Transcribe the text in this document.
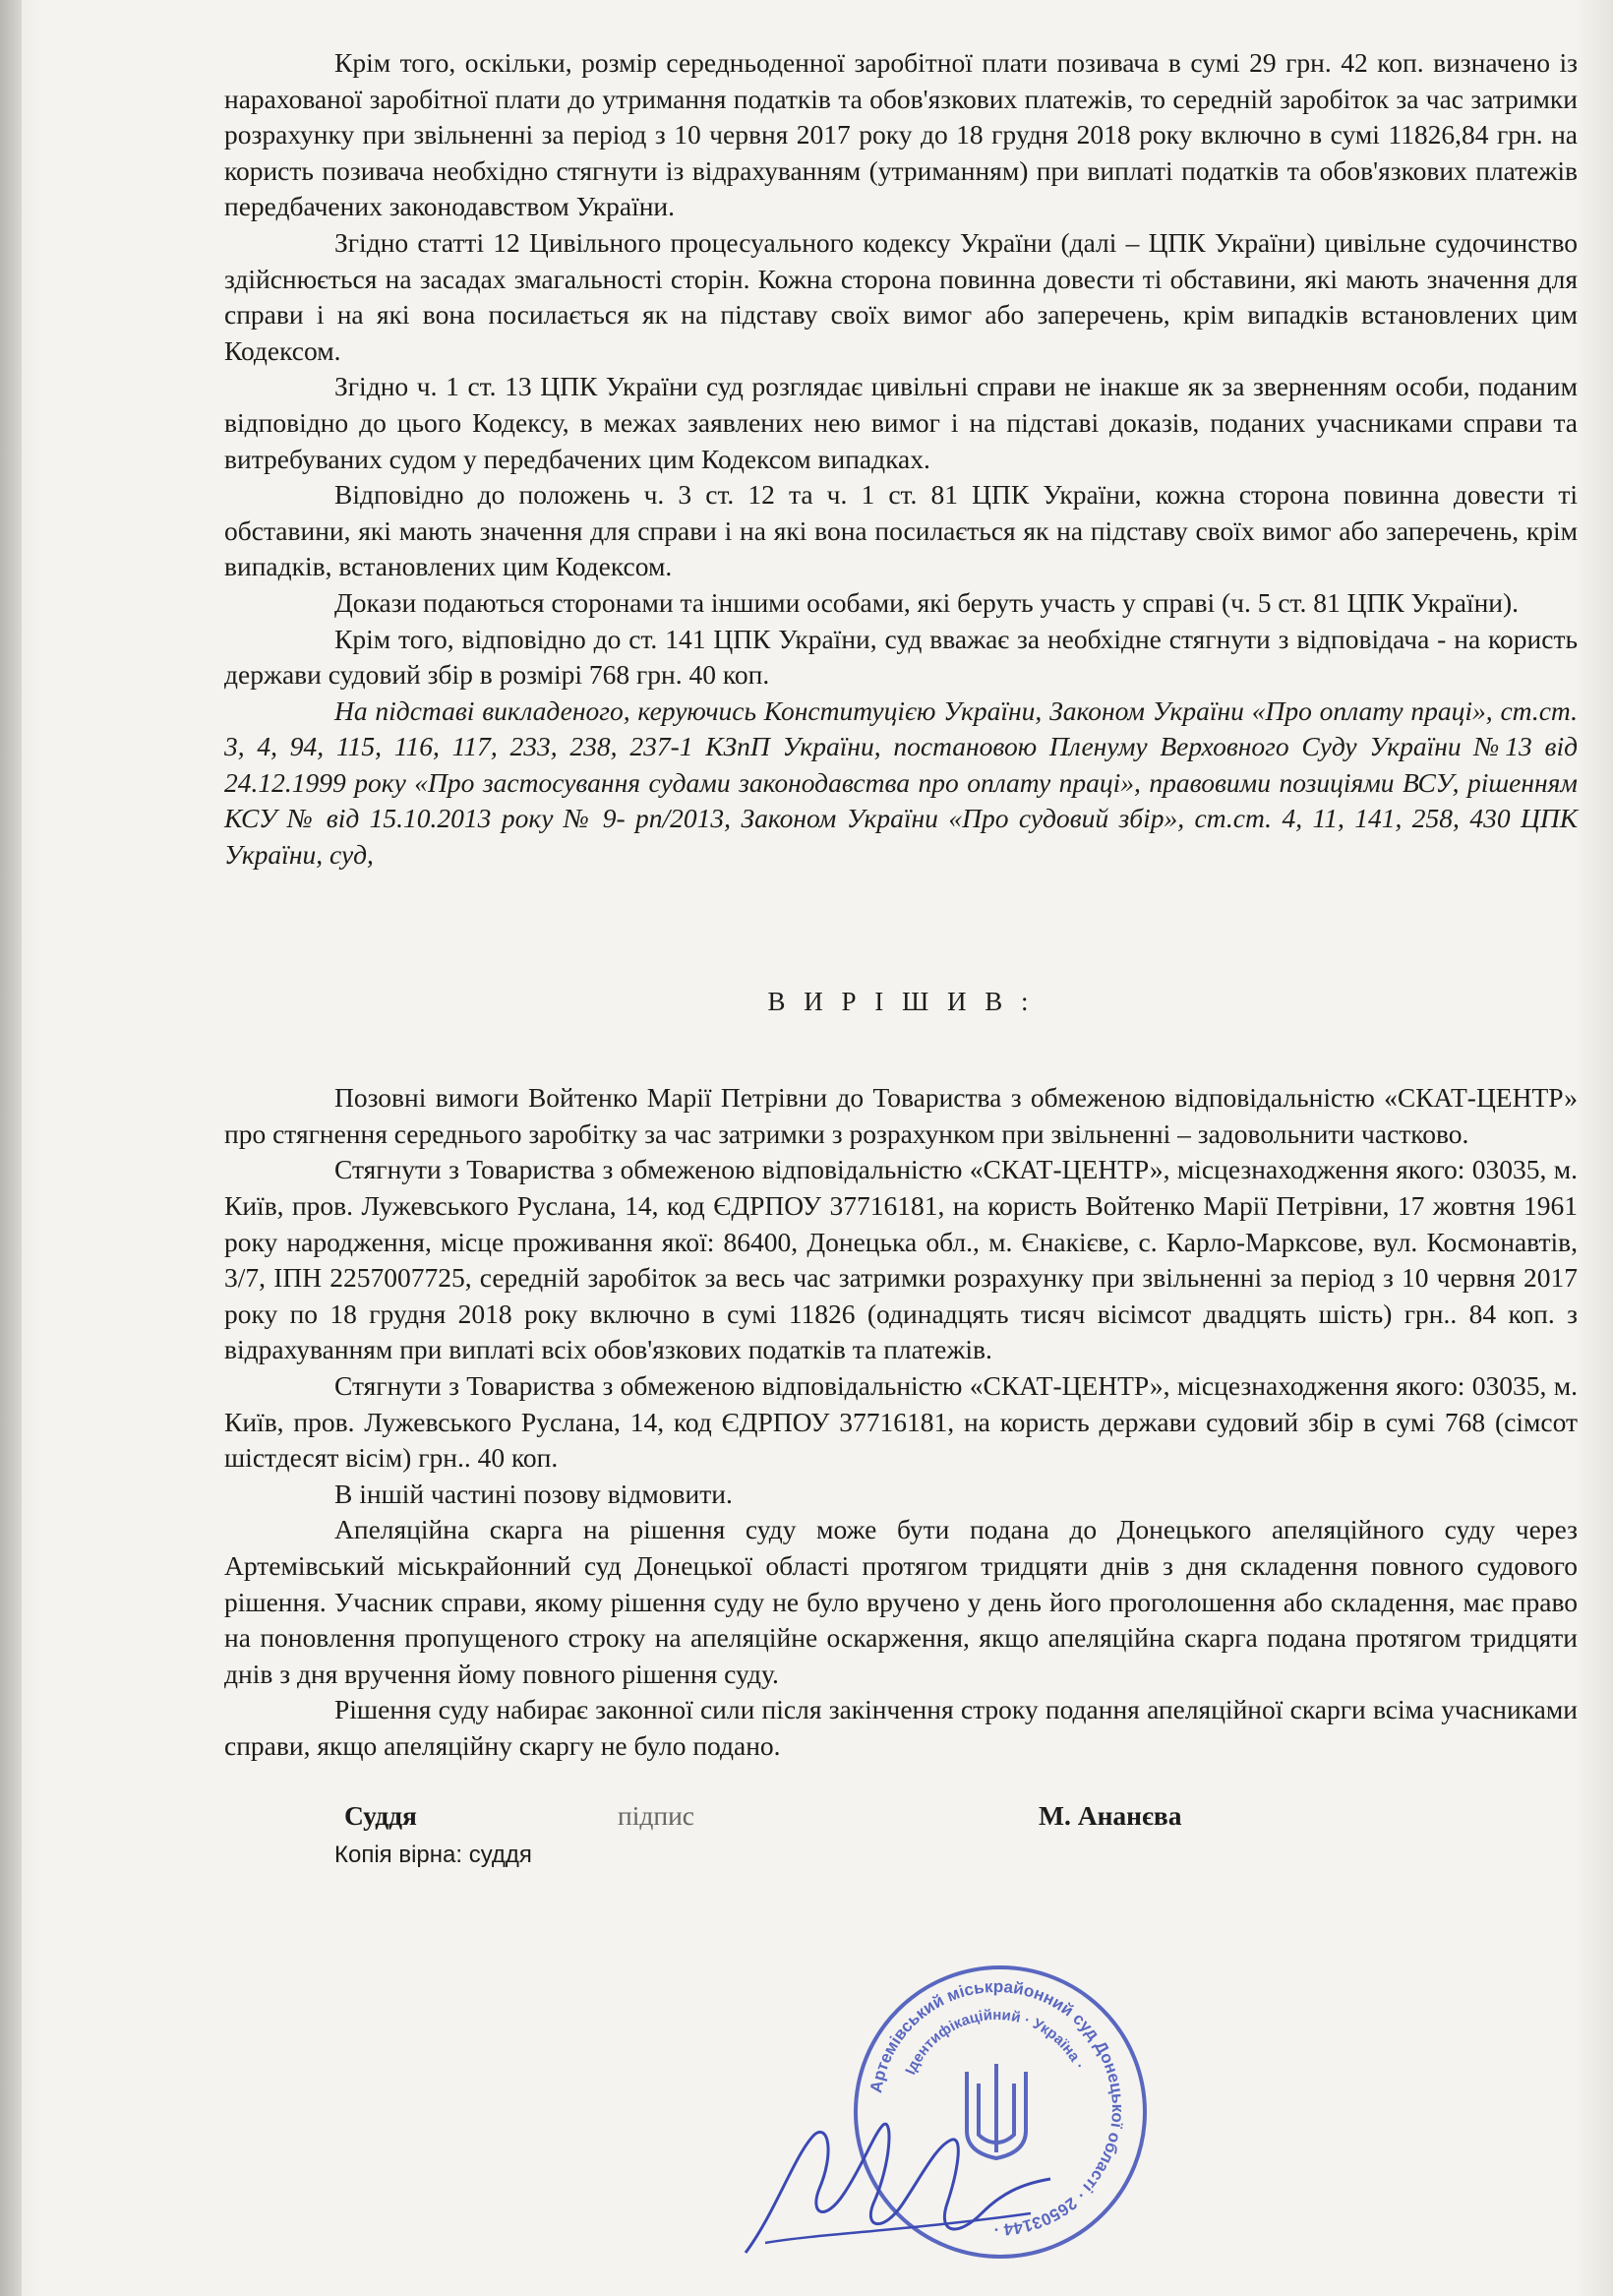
Крім того, оскільки, розмір середньоденної заробітної плати позивача в сумі 29 грн. 42 коп. визначено із нарахованої заробітної плати до утримання податків та обов'язкових платежів, то середній заробіток за час затримки розрахунку при звільненні за період з 10 червня 2017 року до 18 грудня 2018 року включно в сумі 11826,84 грн. на користь позивача необхідно стягнути із відрахуванням (утриманням) при виплаті податків та обов'язкових платежів передбачених законодавством України.

Згідно статті 12 Цивільного процесуального кодексу України (далі – ЦПК України) цивільне судочинство здійснюється на засадах змагальності сторін. Кожна сторона повинна довести ті обставини, які мають значення для справи і на які вона посилається як на підставу своїх вимог або заперечень, крім випадків встановлених цим Кодексом.

Згідно ч. 1 ст. 13 ЦПК України суд розглядає цивільні справи не інакше як за зверненням особи, поданим відповідно до цього Кодексу, в межах заявлених нею вимог і на підставі доказів, поданих учасниками справи та витребуваних судом у передбачених цим Кодексом випадках.

Відповідно до положень ч. 3 ст. 12 та ч. 1 ст. 81 ЦПК України, кожна сторона повинна довести ті обставини, які мають значення для справи і на які вона посилається як на підставу своїх вимог або заперечень, крім випадків, встановлених цим Кодексом.

Докази подаються сторонами та іншими особами, які беруть участь у справі (ч. 5 ст. 81 ЦПК України).

Крім того, відповідно до ст. 141 ЦПК України, суд вважає за необхідне стягнути з відповідача - на користь держави судовий збір в розмірі 768 грн. 40 коп.

На підставі викладеного, керуючись Конституцією України, Законом України «Про оплату праці», ст.ст. 3, 4, 94, 115, 116, 117, 233, 238, 237-1 КЗпП України, постановою Пленуму Верховного Суду України №13 від 24.12.1999 року «Про застосування судами законодавства про оплату праці», правовими позиціями ВСУ, рішенням КСУ № від 15.10.2013 року № 9- рп/2013, Законом України «Про судовий збір», ст.ст. 4, 11, 141, 258, 430 ЦПК України, суд,

В И Р І Ш И В :

Позовні вимоги Войтенко Марії Петрівни до Товариства з обмеженою відповідальністю «СКАТ-ЦЕНТР» про стягнення середнього заробітку за час затримки з розрахунком при звільненні – задовольнити частково.

Стягнути з Товариства з обмеженою відповідальністю «СКАТ-ЦЕНТР», місцезнаходження якого: 03035, м. Київ, пров. Лужевського Руслана, 14, код ЄДРПОУ 37716181, на користь Войтенко Марії Петрівни, 17 жовтня 1961 року народження, місце проживання якої: 86400, Донецька обл., м. Єнакієве, с. Карло-Марксове, вул. Космонавтів, 3/7, ІПН 2257007725, середній заробіток за весь час затримки розрахунку при звільненні за період з 10 червня 2017 року по 18 грудня 2018 року включно в сумі 11826 (одинадцять тисяч вісімсот двадцять шість) грн.. 84 коп. з відрахуванням при виплаті всіх обов'язкових податків та платежів.

Стягнути з Товариства з обмеженою відповідальністю «СКАТ-ЦЕНТР», місцезнаходження якого: 03035, м. Київ, пров. Лужевського Руслана, 14, код ЄДРПОУ 37716181, на користь держави судовий збір в сумі 768 (сімсот шістдесят вісім) грн.. 40 коп.

В іншій частині позову відмовити.

Апеляційна скарга на рішення суду може бути подана до Донецького апеляційного суду через Артемівський міськрайонний суд Донецької області протягом тридцяти днів з дня складення повного судового рішення. Учасник справи, якому рішення суду не було вручено у день його проголошення або складення, має право на поновлення пропущеного строку на апеляційне оскарження, якщо апеляційна скарга подана протягом тридцяти днів з дня вручення йому повного рішення суду.

Рішення суду набирає законної сили після закінчення строку подання апеляційної скарги всіма учасниками справи, якщо апеляційну скаргу не було подано.

Суддя	підпис	М. Ананєва

Копія вірна: суддя

Артемівський міськрайонний суд Донецької області · 26503144 ·
Ідентифікаційний · Україна ·
